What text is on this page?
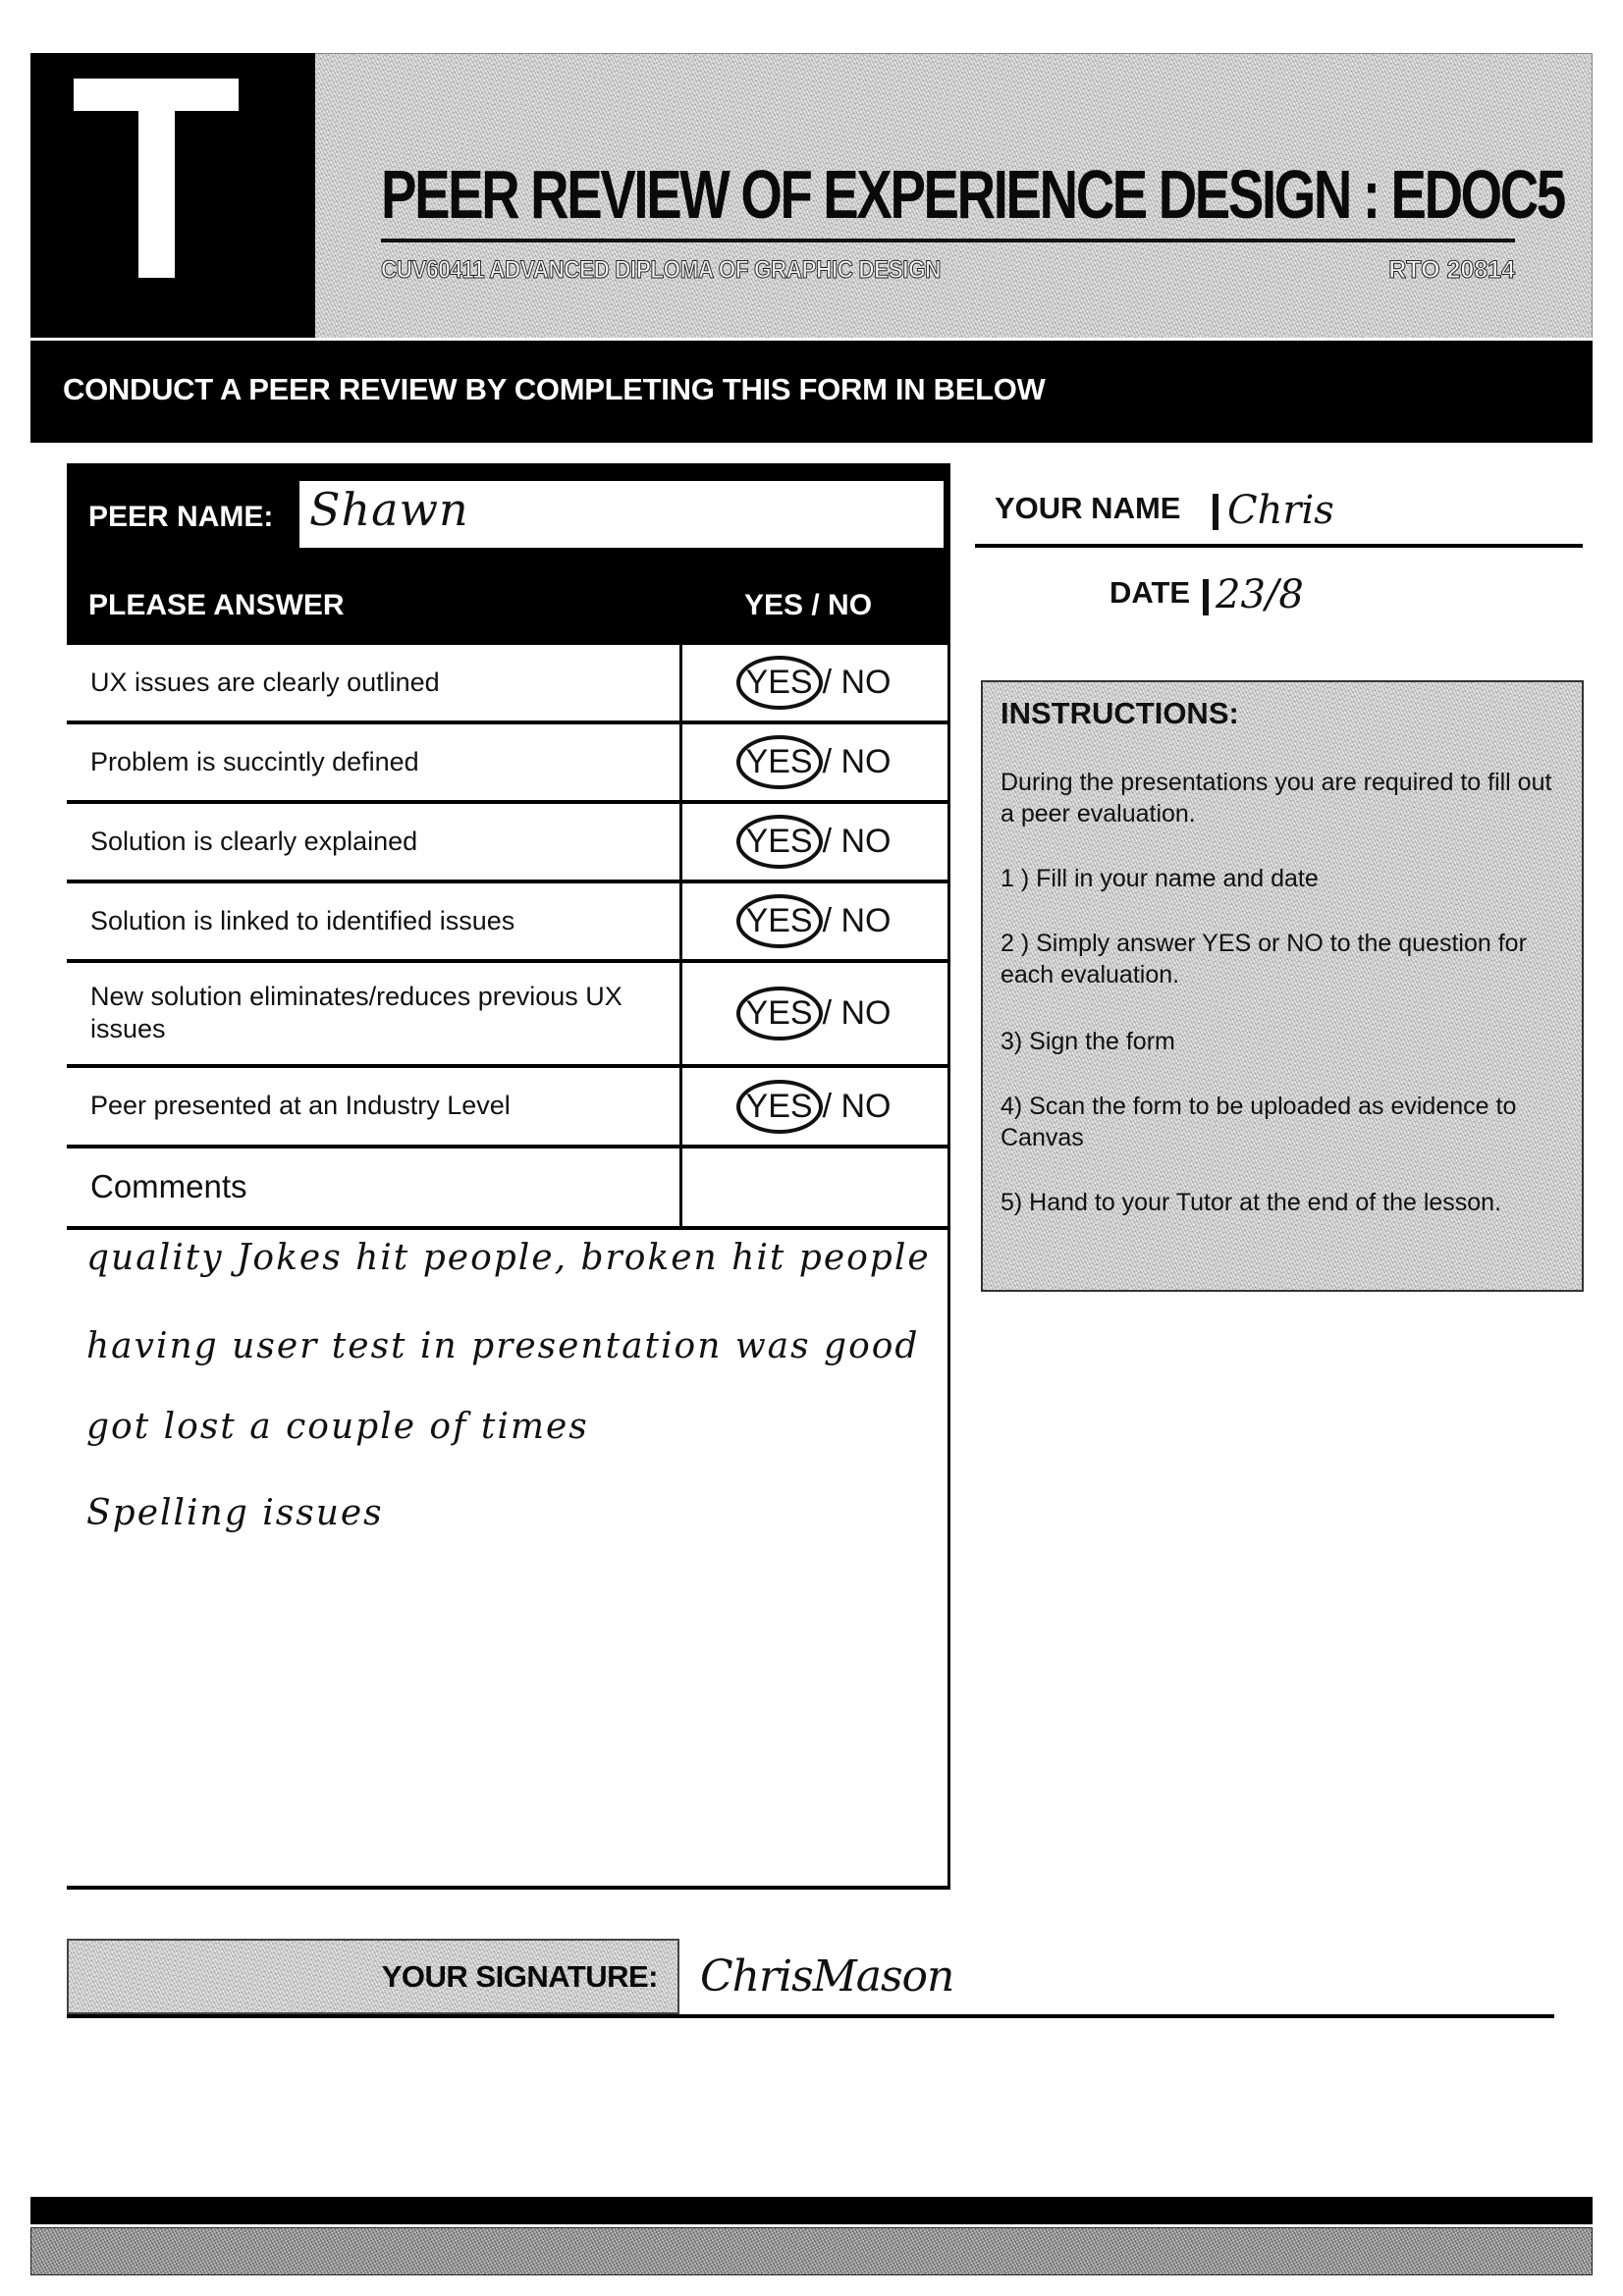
PEER REVIEW OF EXPERIENCE DESIGN : EDOC5
CUV60411 ADVANCED DIPLOMA OF GRAPHIC DESIGN	RTO 20814
CONDUCT A PEER REVIEW BY COMPLETING THIS FORM IN BELOW
PEER NAME: Shawn
PLEASE ANSWER	YES / NO
UX issues are clearly outlined	YES / NO
Problem is succintly defined	YES / NO
Solution is clearly explained	YES / NO
Solution is linked to identified issues	YES / NO
New solution eliminates/reduces previous UX issues	YES / NO
Peer presented at an Industry Level	YES / NO
Comments
quality Jokes hit people, broken hit people
having user test in presentation was good
got lost a couple of times
Spelling issues
YOUR NAME Chris
DATE 23/8
INSTRUCTIONS:
During the presentations you are required to fill out a peer evaluation.
1 ) Fill in your name and date
2 ) Simply answer YES or NO to the question for each evaluation.
3) Sign the form
4) Scan the form to be uploaded as evidence to Canvas
5) Hand to your Tutor at the end of the lesson.
YOUR SIGNATURE: ChrisMason
